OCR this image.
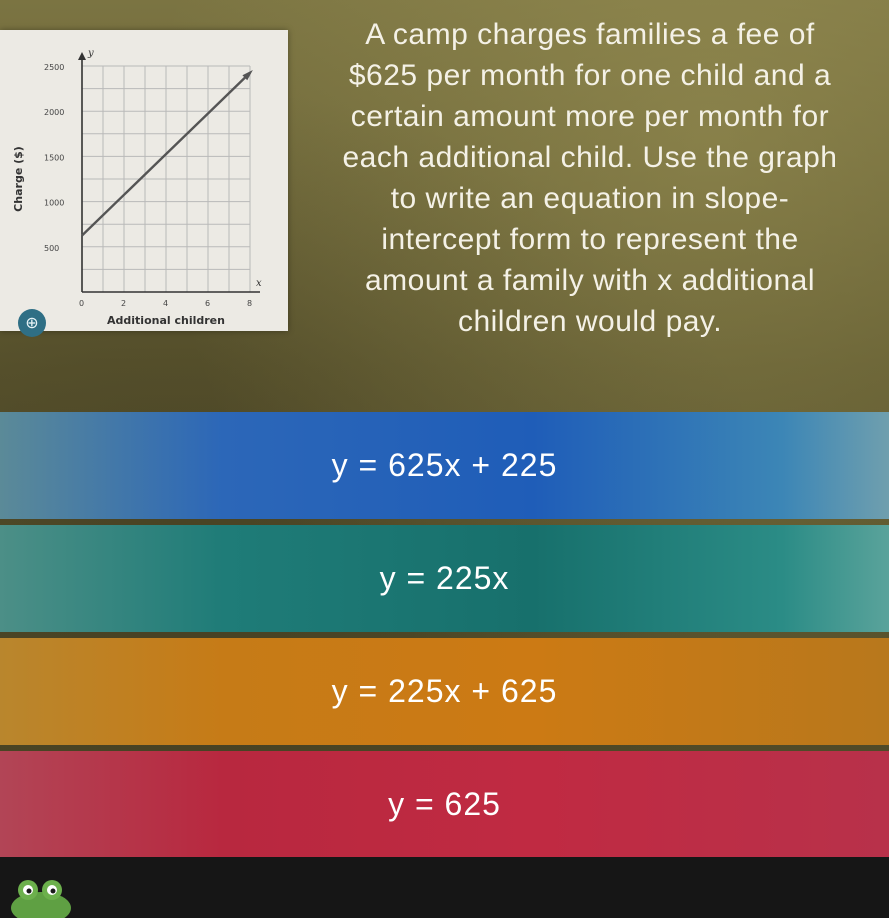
2500
2000
1500
1000
500
0	2	4	6	8
y
x
Additional children
Charge ($)
⊕
A camp charges families a fee of
$625 per month for one child and a
certain amount more per month for
each additional child. Use the graph
to write an equation in slope-
intercept form to represent the
amount a family with x additional
children would pay.
y = 625x + 225
y = 225x
y = 225x + 625
y = 625
